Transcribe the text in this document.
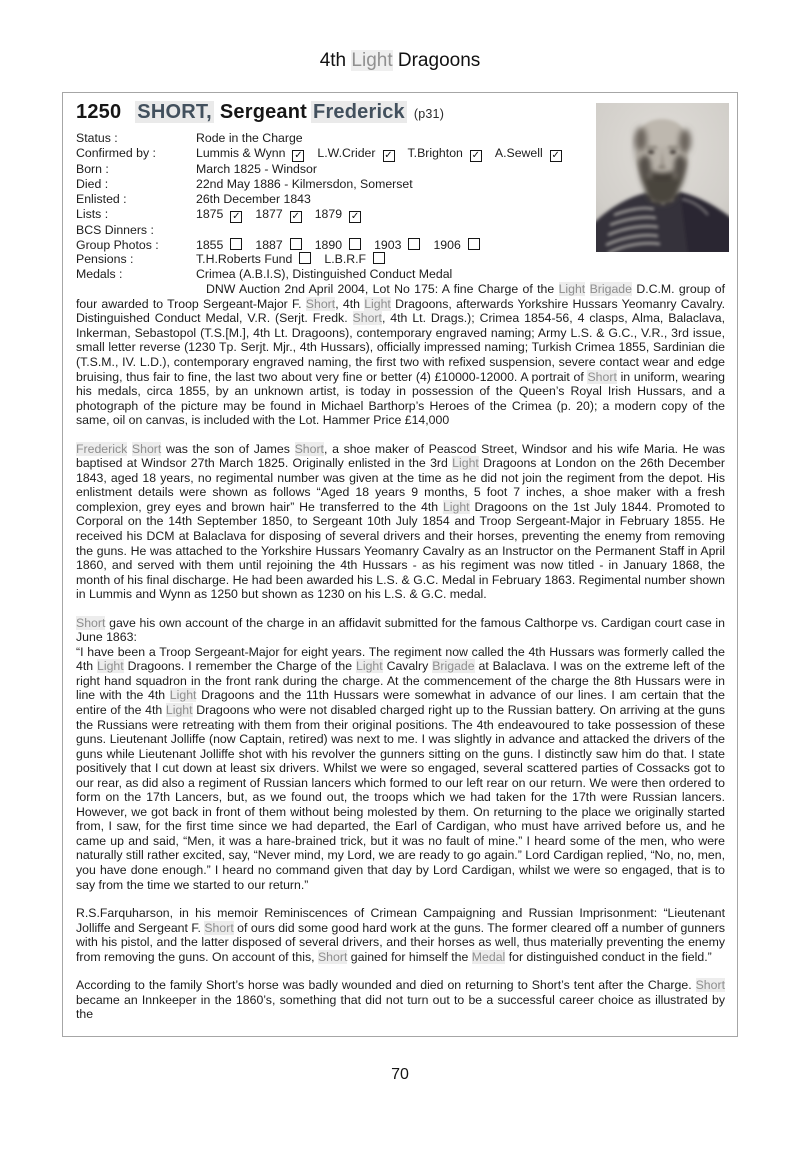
4th Light Dragoons
1250 SHORT, Sergeant Frederick (p31)
Status :	Rode in the Charge
Confirmed by :	Lummis & Wynn ✓ L.W.Crider ✓ T.Brighton ✓ A.Sewell ✓
Born :	March 1825 - Windsor
Died :	22nd May 1886 - Kilmersdon, Somerset
Enlisted :	26th December 1843
Lists :	1875 ✓ 1877 ✓ 1879 ✓
BCS Dinners :
Group Photos :	1855	1887	1890	1903	1906
Pensions :	T.H.Roberts Fund	L.B.R.F
Medals :	Crimea (A.B.I.S), Distinguished Conduct Medal

DNW Auction 2nd April 2004, Lot No 175: A fine Charge of the Light Brigade D.C.M. group of four awarded to Troop Sergeant-Major F. Short, 4th Light Dragoons, afterwards Yorkshire Hussars Yeomanry Cavalry. Distinguished Conduct Medal, V.R. (Serjt. Fredk. Short, 4th Lt. Drags.); Crimea 1854-56, 4 clasps, Alma, Balaclava, Inkerman, Sebastopol (T.S.[M.], 4th Lt. Dragoons), contemporary engraved naming; Army L.S. & G.C., V.R., 3rd issue, small letter reverse (1230 Tp. Serjt. Mjr., 4th Hussars), officially impressed naming; Turkish Crimea 1855, Sardinian die (T.S.M., IV. L.D.), contemporary engraved naming, the first two with refixed suspension, severe contact wear and edge bruising, thus fair to fine, the last two about very fine or better (4) £10000-12000. A portrait of Short in uniform, wearing his medals, circa 1855, by an unknown artist, is today in possession of the Queen’s Royal Irish Hussars, and a photograph of the picture may be found in Michael Barthorp’s Heroes of the Crimea (p. 20); a modern copy of the same, oil on canvas, is included with the Lot. Hammer Price £14,000

Frederick Short was the son of James Short, a shoe maker of Peascod Street, Windsor and his wife Maria. He was baptised at Windsor 27th March 1825. Originally enlisted in the 3rd Light Dragoons at London on the 26th December 1843, aged 18 years, no regimental number was given at the time as he did not join the regiment from the depot. His enlistment details were shown as follows “Aged 18 years 9 months, 5 foot 7 inches, a shoe maker with a fresh complexion, grey eyes and brown hair” He transferred to the 4th Light Dragoons on the 1st July 1844. Promoted to Corporal on the 14th September 1850, to Sergeant 10th July 1854 and Troop Sergeant-Major in February 1855. He received his DCM at Balaclava for disposing of several drivers and their horses, preventing the enemy from removing the guns. He was attached to the Yorkshire Hussars Yeomanry Cavalry as an Instructor on the Permanent Staff in April 1860, and served with them until rejoining the 4th Hussars - as his regiment was now titled - in January 1868, the month of his final discharge. He had been awarded his L.S. & G.C. Medal in February 1863. Regimental number shown in Lummis and Wynn as 1250 but shown as 1230 on his L.S. & G.C. medal.

Short gave his own account of the charge in an affidavit submitted for the famous Calthorpe vs. Cardigan court case in June 1863:

“I have been a Troop Sergeant-Major for eight years. The regiment now called the 4th Hussars was formerly called the 4th Light Dragoons. I remember the Charge of the Light Cavalry Brigade at Balaclava. I was on the extreme left of the right hand squadron in the front rank during the charge. At the commencement of the charge the 8th Hussars were in line with the 4th Light Dragoons and the 11th Hussars were somewhat in advance of our lines. I am certain that the entire of the 4th Light Dragoons who were not disabled charged right up to the Russian battery. On arriving at the guns the Russians were retreating with them from their original positions. The 4th endeavoured to take possession of these guns. Lieutenant Jolliffe (now Captain, retired) was next to me. I was slightly in advance and attacked the drivers of the guns while Lieutenant Jolliffe shot with his revolver the gunners sitting on the guns. I distinctly saw him do that. I state positively that I cut down at least six drivers. Whilst we were so engaged, several scattered parties of Cossacks got to our rear, as did also a regiment of Russian lancers which formed to our left rear on our return. We were then ordered to form on the 17th Lancers, but, as we found out, the troops which we had taken for the 17th were Russian lancers. However, we got back in front of them without being molested by them. On returning to the place we originally started from, I saw, for the first time since we had departed, the Earl of Cardigan, who must have arrived before us, and he came up and said, “Men, it was a hare-brained trick, but it was no fault of mine.” I heard some of the men, who were naturally still rather excited, say, “Never mind, my Lord, we are ready to go again.” Lord Cardigan replied, “No, no, men, you have done enough.” I heard no command given that day by Lord Cardigan, whilst we were so engaged, that is to say from the time we started to our return.”

R.S.Farquharson, in his memoir Reminiscences of Crimean Campaigning and Russian Imprisonment: “Lieutenant Jolliffe and Sergeant F. Short of ours did some good hard work at the guns. The former cleared off a number of gunners with his pistol, and the latter disposed of several drivers, and their horses as well, thus materially preventing the enemy from removing the guns. On account of this, Short gained for himself the Medal for distinguished conduct in the field.”

According to the family Short’s horse was badly wounded and died on returning to Short’s tent after the Charge. Short became an Innkeeper in the 1860’s, something that did not turn out to be a successful career choice as illustrated by the

70
